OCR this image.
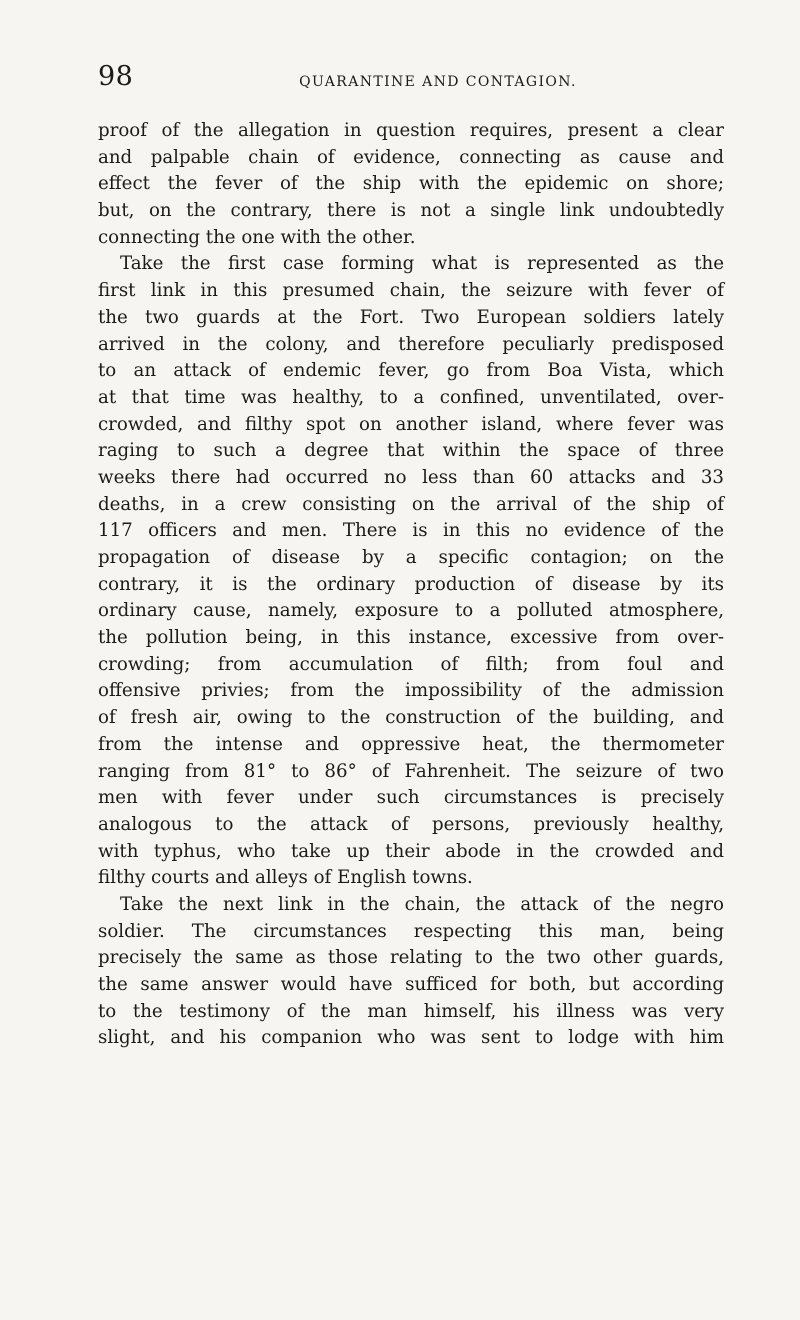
98	QUARANTINE AND CONTAGION.
proof of the allegation in question requires, present a clear
and palpable chain of evidence, connecting as cause and
effect the fever of the ship with the epidemic on shore;
but, on the contrary, there is not a single link undoubtedly
connecting the one with the other.
Take the first case forming what is represented as the
first link in this presumed chain, the seizure with fever of
the two guards at the Fort. Two European soldiers lately
arrived in the colony, and therefore peculiarly predisposed
to an attack of endemic fever, go from Boa Vista, which
at that time was healthy, to a confined, unventilated, over-
crowded, and filthy spot on another island, where fever was
raging to such a degree that within the space of three
weeks there had occurred no less than 60 attacks and 33
deaths, in a crew consisting on the arrival of the ship of
117 officers and men. There is in this no evidence of the
propagation of disease by a specific contagion; on the
contrary, it is the ordinary production of disease by its
ordinary cause, namely, exposure to a polluted atmosphere,
the pollution being, in this instance, excessive from over-
crowding; from accumulation of filth; from foul and
offensive privies; from the impossibility of the admission
of fresh air, owing to the construction of the building, and
from the intense and oppressive heat, the thermometer
ranging from 81° to 86° of Fahrenheit. The seizure of two
men with fever under such circumstances is precisely
analogous to the attack of persons, previously healthy,
with typhus, who take up their abode in the crowded and
filthy courts and alleys of English towns.
Take the next link in the chain, the attack of the negro
soldier. The circumstances respecting this man, being
precisely the same as those relating to the two other guards,
the same answer would have sufficed for both, but according
to the testimony of the man himself, his illness was very
slight, and his companion who was sent to lodge with him
